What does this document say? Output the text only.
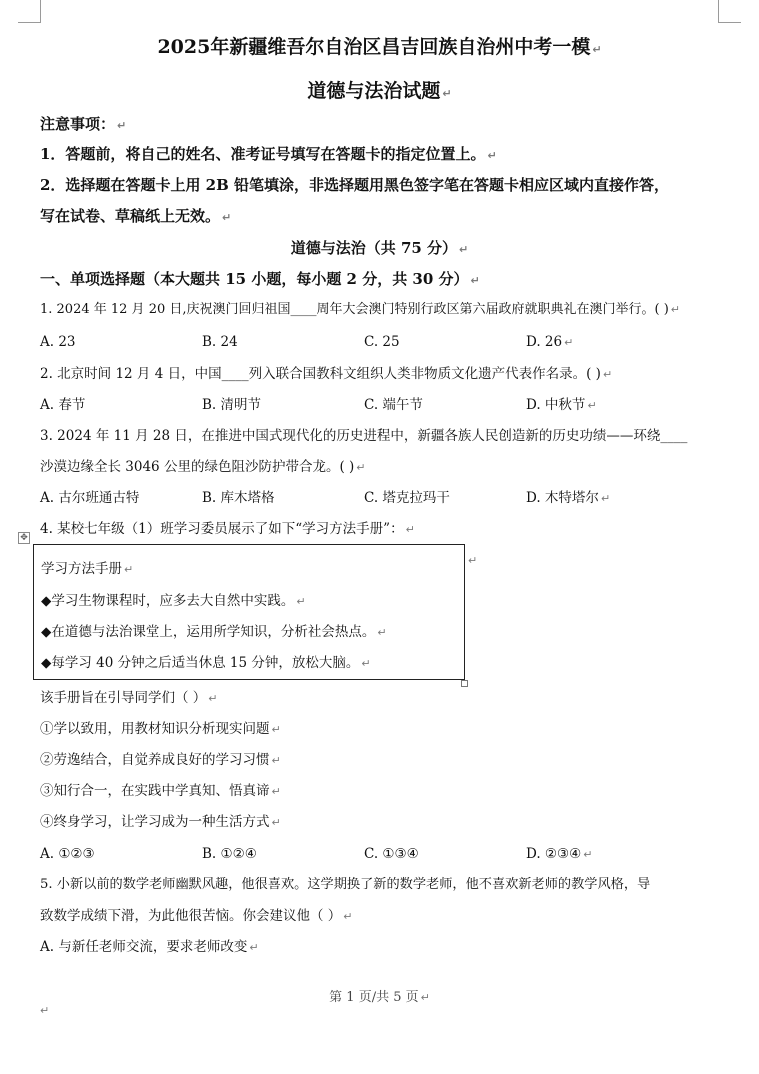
2025年新疆维吾尔自治区昌吉回族自治州中考一模 ↵
道德与法治试题 ↵
注意事项： ↵
1．答题前，将自己的姓名、准考证号填写在答题卡的指定位置上。 ↵
2．选择题在答题卡上用 2B 铅笔填涂，非选择题用黑色签字笔在答题卡相应区域内直接作答，
写在试卷、草稿纸上无效。 ↵
道德与法治（共 75 分） ↵
一、单项选择题（本大题共 15 小题，每小题 2 分，共 30 分） ↵
1. 2024 年 12 月 20 日,庆祝澳门回归祖国____周年大会澳门特别行政区第六届政府就职典礼在澳门举行。( ) ↵
A. 23	B. 24	C. 25	D. 26 ↵
2. 北京时间 12 月 4 日，中国____列入联合国教科文组织人类非物质文化遗产代表作名录。( ) ↵
A. 春节	B. 清明节	C. 端午节	D. 中秋节 ↵
3. 2024 年 11 月 28 日，在推进中国式现代化的历史进程中，新疆各族人民创造新的历史功绩——环绕____
沙漠边缘全长 3046 公里的绿色阻沙防护带合龙。( ) ↵
A. 古尔班通古特	B. 库木塔格	C. 塔克拉玛干	D. 木特塔尔 ↵
4. 某校七年级（1）班学习委员展示了如下“学习方法手册”： ↵
✥
学习方法手册 ↵
◆学习生物课程时，应多去大自然中实践。 ↵
◆在道德与法治课堂上，运用所学知识，分析社会热点。 ↵
◆每学习 40 分钟之后适当休息 15 分钟，放松大脑。 ↵
↵
该手册旨在引导同学们（ ） ↵
①学以致用，用教材知识分析现实问题 ↵
②劳逸结合，自觉养成良好的学习习惯 ↵
③知行合一，在实践中学真知、悟真谛 ↵
④终身学习，让学习成为一种生活方式 ↵
A. ①②③	B. ①②④	C. ①③④	D. ②③④ ↵
5. 小新以前的数学老师幽默风趣，他很喜欢。这学期换了新的数学老师，他不喜欢新老师的教学风格，导
致数学成绩下滑，为此他很苦恼。你会建议他（ ） ↵
A. 与新任老师交流，要求老师改变 ↵
第 1 页/共 5 页 ↵
↵
